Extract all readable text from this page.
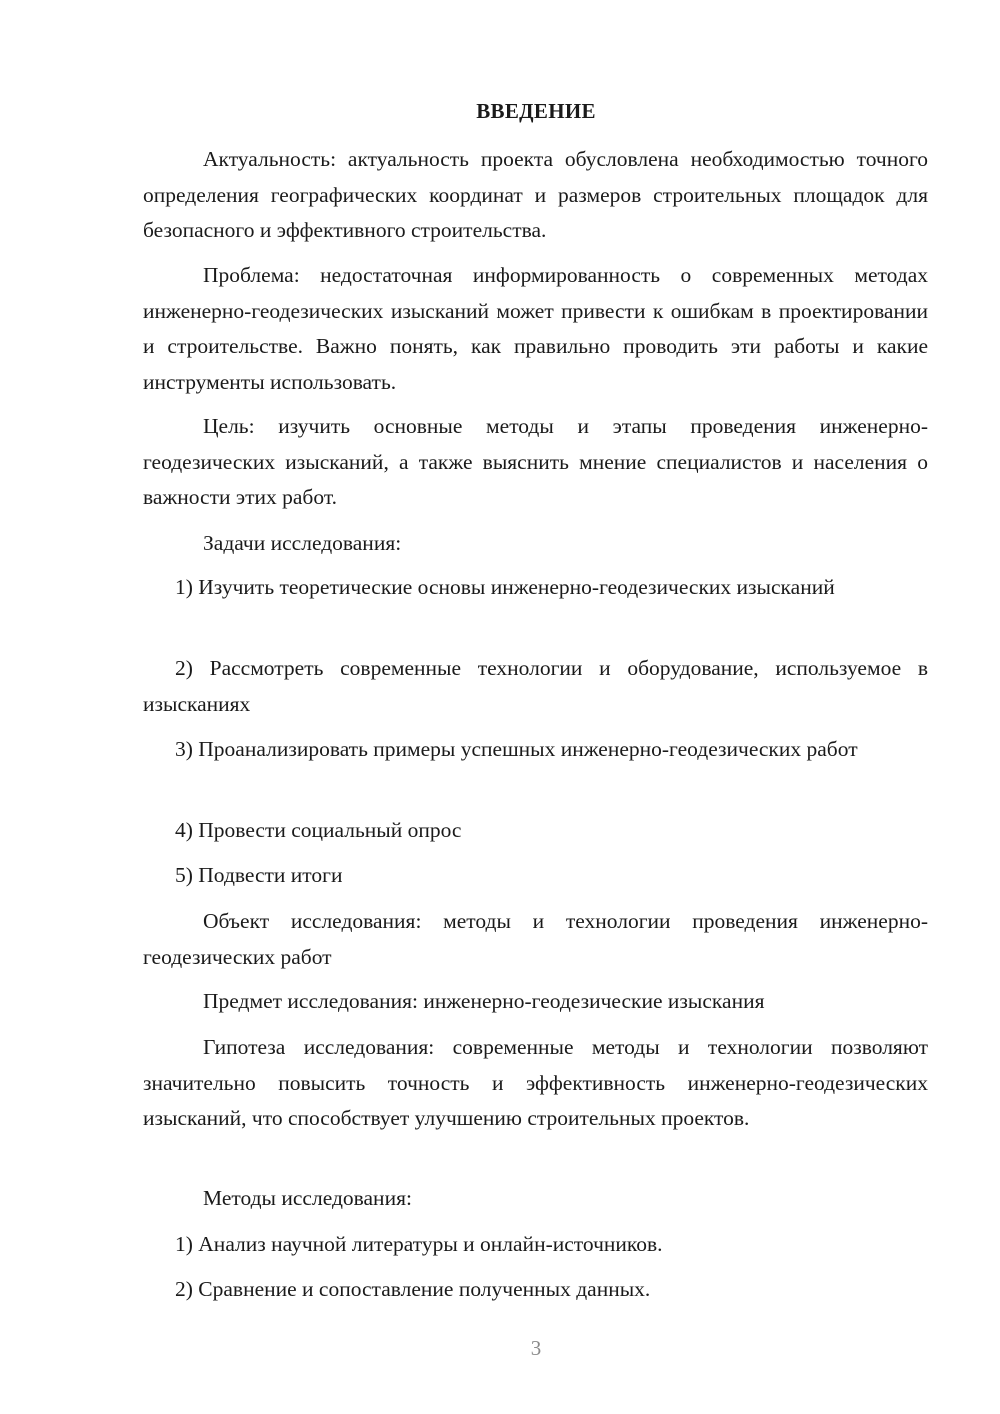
ВВЕДЕНИЕ

Актуальность: актуальность проекта обусловлена необходимостью точного определения географических координат и размеров строительных площадок для безопасного и эффективного строительства.

Проблема: недостаточная информированность о современных методах инженерно-геодезических изысканий может привести к ошибкам в проектировании и строительстве. Важно понять, как правильно проводить эти работы и какие инструменты использовать.

Цель: изучить основные методы и этапы проведения инженерно-геодезических изысканий, а также выяснить мнение специалистов и населения о важности этих работ.

Задачи исследования:

1) Изучить теоретические основы инженерно-геодезических изысканий

2) Рассмотреть современные технологии и оборудование, используемое в изысканиях

3) Проанализировать примеры успешных инженерно-геодезических работ

4) Провести социальный опрос

5) Подвести итоги

Объект исследования: методы и технологии проведения инженерно-геодезических работ

Предмет исследования: инженерно-геодезические изыскания

Гипотеза исследования: современные методы и технологии позволяют значительно повысить точность и эффективность инженерно-геодезических изысканий, что способствует улучшению строительных проектов.

Методы исследования:

1) Анализ научной литературы и онлайн-источников.

2) Сравнение и сопоставление полученных данных.

3
